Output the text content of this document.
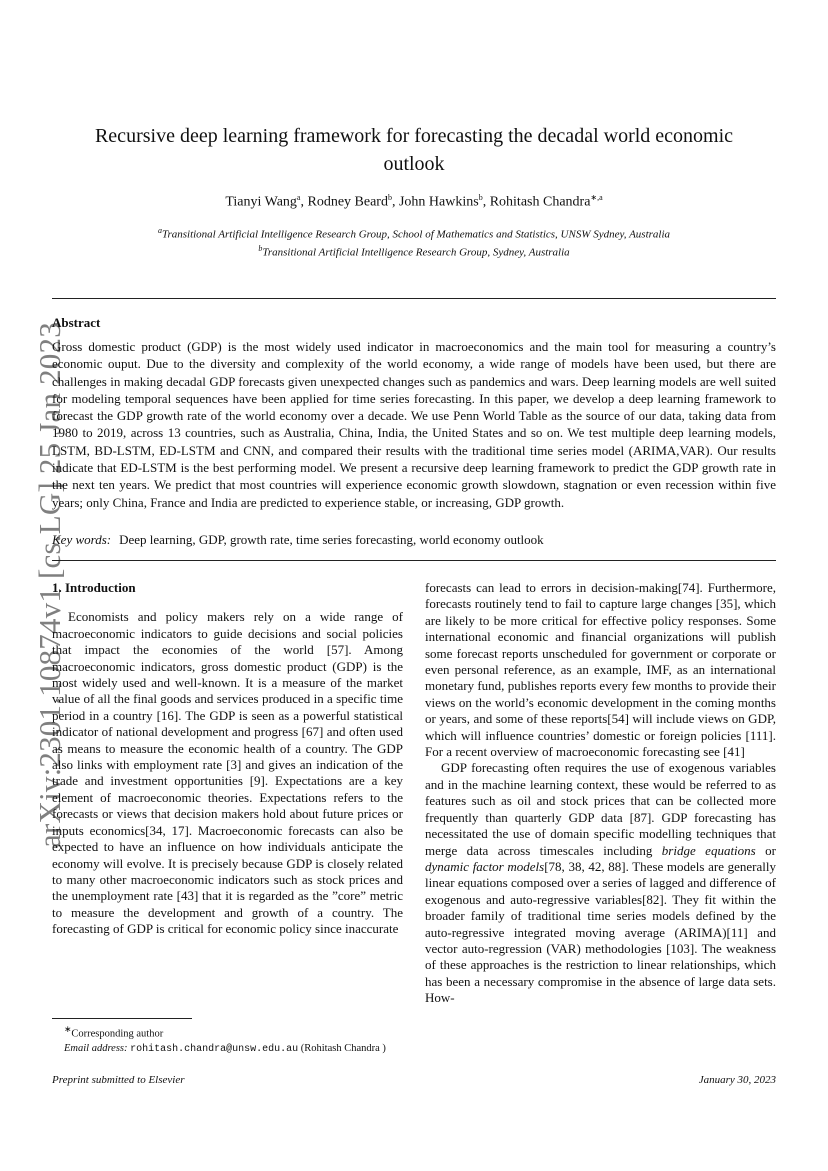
arXiv:2301.10874v1 [cs.LG] 25 Jan 2023
Recursive deep learning framework for forecasting the decadal world economic outlook
Tianyi Wang$^a$, Rodney Beard$^b$, John Hawkins$^b$, Rohitash Chandra$^{∗,a}$
$^a$Transitional Artificial Intelligence Research Group, School of Mathematics and Statistics, UNSW Sydney, Australia
$^b$Transitional Artificial Intelligence Research Group, Sydney, Australia
Abstract
Gross domestic product (GDP) is the most widely used indicator in macroeconomics and the main tool for measuring a country’s economic ouput. Due to the diversity and complexity of the world economy, a wide range of models have been used, but there are challenges in making decadal GDP forecasts given unexpected changes such as pandemics and wars. Deep learning models are well suited for modeling temporal sequences have been applied for time series forecasting. In this paper, we develop a deep learning framework to forecast the GDP growth rate of the world economy over a decade. We use Penn World Table as the source of our data, taking data from 1980 to 2019, across 13 countries, such as Australia, China, India, the United States and so on. We test multiple deep learning models, LSTM, BD-LSTM, ED-LSTM and CNN, and compared their results with the traditional time series model (ARIMA,VAR). Our results indicate that ED-LSTM is the best performing model. We present a recursive deep learning framework to predict the GDP growth rate in the next ten years. We predict that most countries will experience economic growth slowdown, stagnation or even recession within five years; only China, France and India are predicted to experience stable, or increasing, GDP growth.
Key words: Deep learning, GDP, growth rate, time series forecasting, world economy outlook
1. Introduction

Economists and policy makers rely on a wide range of macroeconomic indicators to guide decisions and social policies that impact the economies of the world [57]. Among macroeconomic indicators, gross domestic product (GDP) is the most widely used and well-known. It is a measure of the market value of all the final goods and services produced in a specific time period in a country [16]. The GDP is seen as a powerful statistical indicator of national development and progress [67] and often used as means to measure the economic health of a country. The GDP also links with employment rate [3] and gives an indication of the trade and investment opportunities [9]. Expectations are a key element of macroeconomic theories. Expectations refers to the forecasts or views that decision makers hold about future prices or inputs economics[34, 17]. Macroeconomic forecasts can also be expected to have an influence on how individuals anticipate the economy will evolve. It is precisely because GDP is closely related to many other macroeconomic indicators such as stock prices and the unemployment rate [43] that it is regarded as the ”core” metric to measure the development and growth of a country. The forecasting of GDP is critical for economic policy since inaccurate

forecasts can lead to errors in decision-making[74]. Furthermore, forecasts routinely tend to fail to capture large changes [35], which are likely to be more critical for effective policy responses. Some international economic and financial organizations will publish some forecast reports unscheduled for government or corporate or even personal reference, as an example, IMF, as an international monetary fund, publishes reports every few months to provide their views on the world’s economic development in the coming months or years, and some of these reports[54] will include views on GDP, which will influence countries’ domestic or foreign policies [111]. For a recent overview of macroeconomic forecasting see [41]

GDP forecasting often requires the use of exogenous variables and in the machine learning context, these would be referred to as features such as oil and stock prices that can be collected more frequently than quarterly GDP data [87]. GDP forecasting has necessitated the use of domain specific modelling techniques that merge data across timescales including bridge equations or dynamic factor models[78, 38, 42, 88]. These models are generally linear equations composed over a series of lagged and difference of exogenous and auto-regressive variables[82]. They fit within the broader family of traditional time series models defined by the auto-regressive integrated moving average (ARIMA)[11] and vector auto-regression (VAR) methodologies [103]. The weakness of these approaches is the restriction to linear relationships, which has been a necessary compromise in the absence of large data sets. How-

∗Corresponding author
Email address: rohitash.chandra@unsw.edu.au (Rohitash Chandra )
Preprint submitted to Elsevier	January 30, 2023
